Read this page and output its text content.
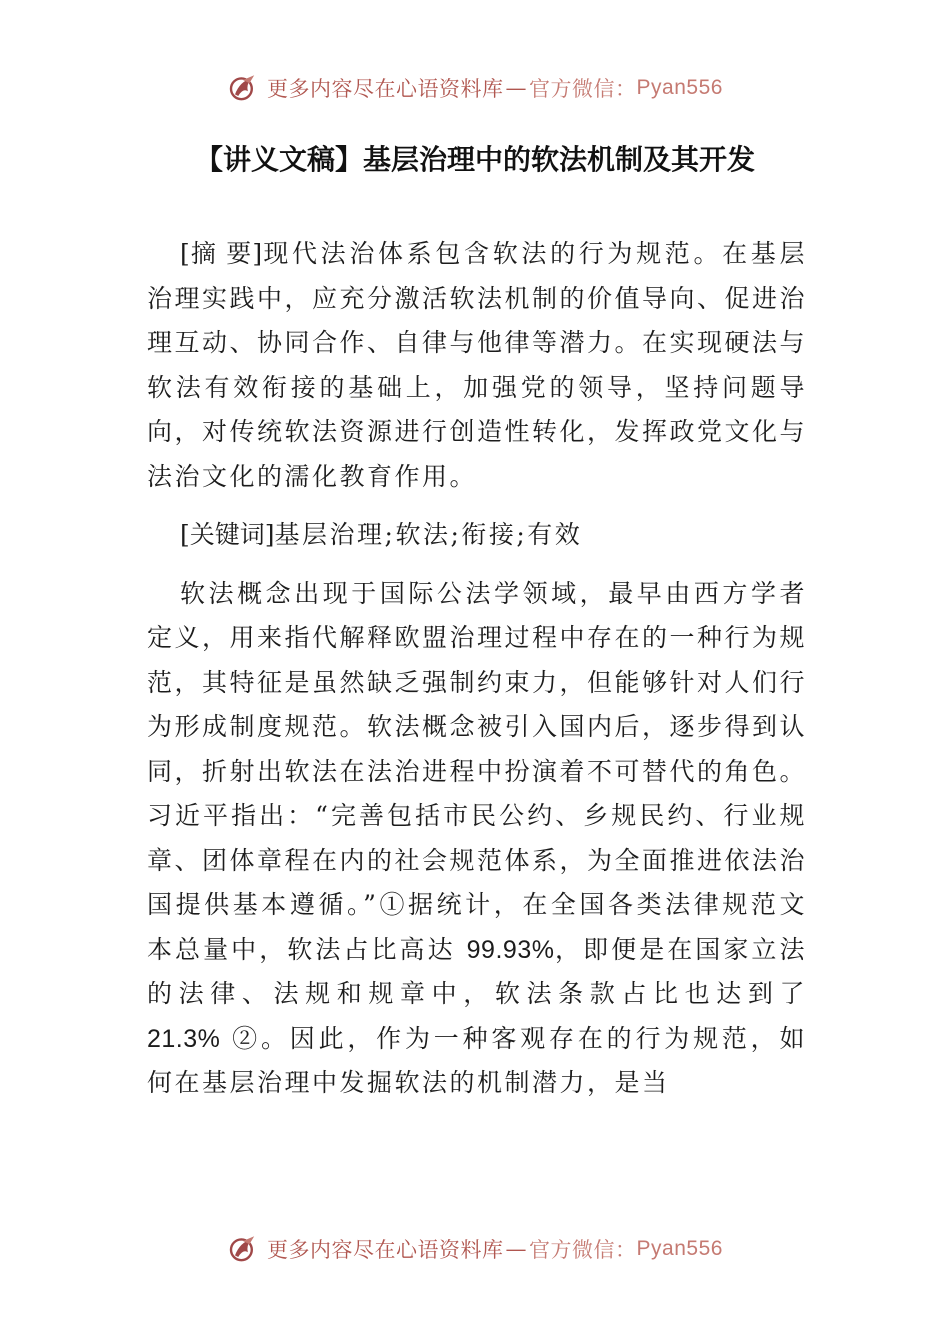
更多内容尽在心语资料库 — 官方微信： Pyan556
【讲义文稿】基层治理中的软法机制及其开发

[摘 要]现代法治体系包含软法的行为规范。在基层治理实践中，应充分激活软法机制的价值导向、促进治理互动、协同合作、自律与他律等潜力。在实现硬法与软法有效衔接的基础上，加强党的领导，坚持问题导向，对传统软法资源进行创造性转化，发挥政党文化与法治文化的濡化教育作用。

[关键词]基层治理;软法;衔接;有效

软法概念出现于国际公法学领域，最早由西方学者定义，用来指代解释欧盟治理过程中存在的一种行为规范，其特征是虽然缺乏强制约束力，但能够针对人们行为形成制度规范。软法概念被引入国内后，逐步得到认同，折射出软法在法治进程中扮演着不可替代的角色。习近平指出：“完善包括市民公约、乡规民约、行业规章、团体章程在内的社会规范体系，为全面推进依法治国提供基本遵循。”①据统计，在全国各类法律规范文本总量中，软法占比高达 99.93%，即便是在国家立法的法律、法规和规章中，软法条款占比也达到了 21.3% ②。因此，作为一种客观存在的行为规范，如何在基层治理中发掘软法的机制潜力，是当

更多内容尽在心语资料库 — 官方微信： Pyan556
